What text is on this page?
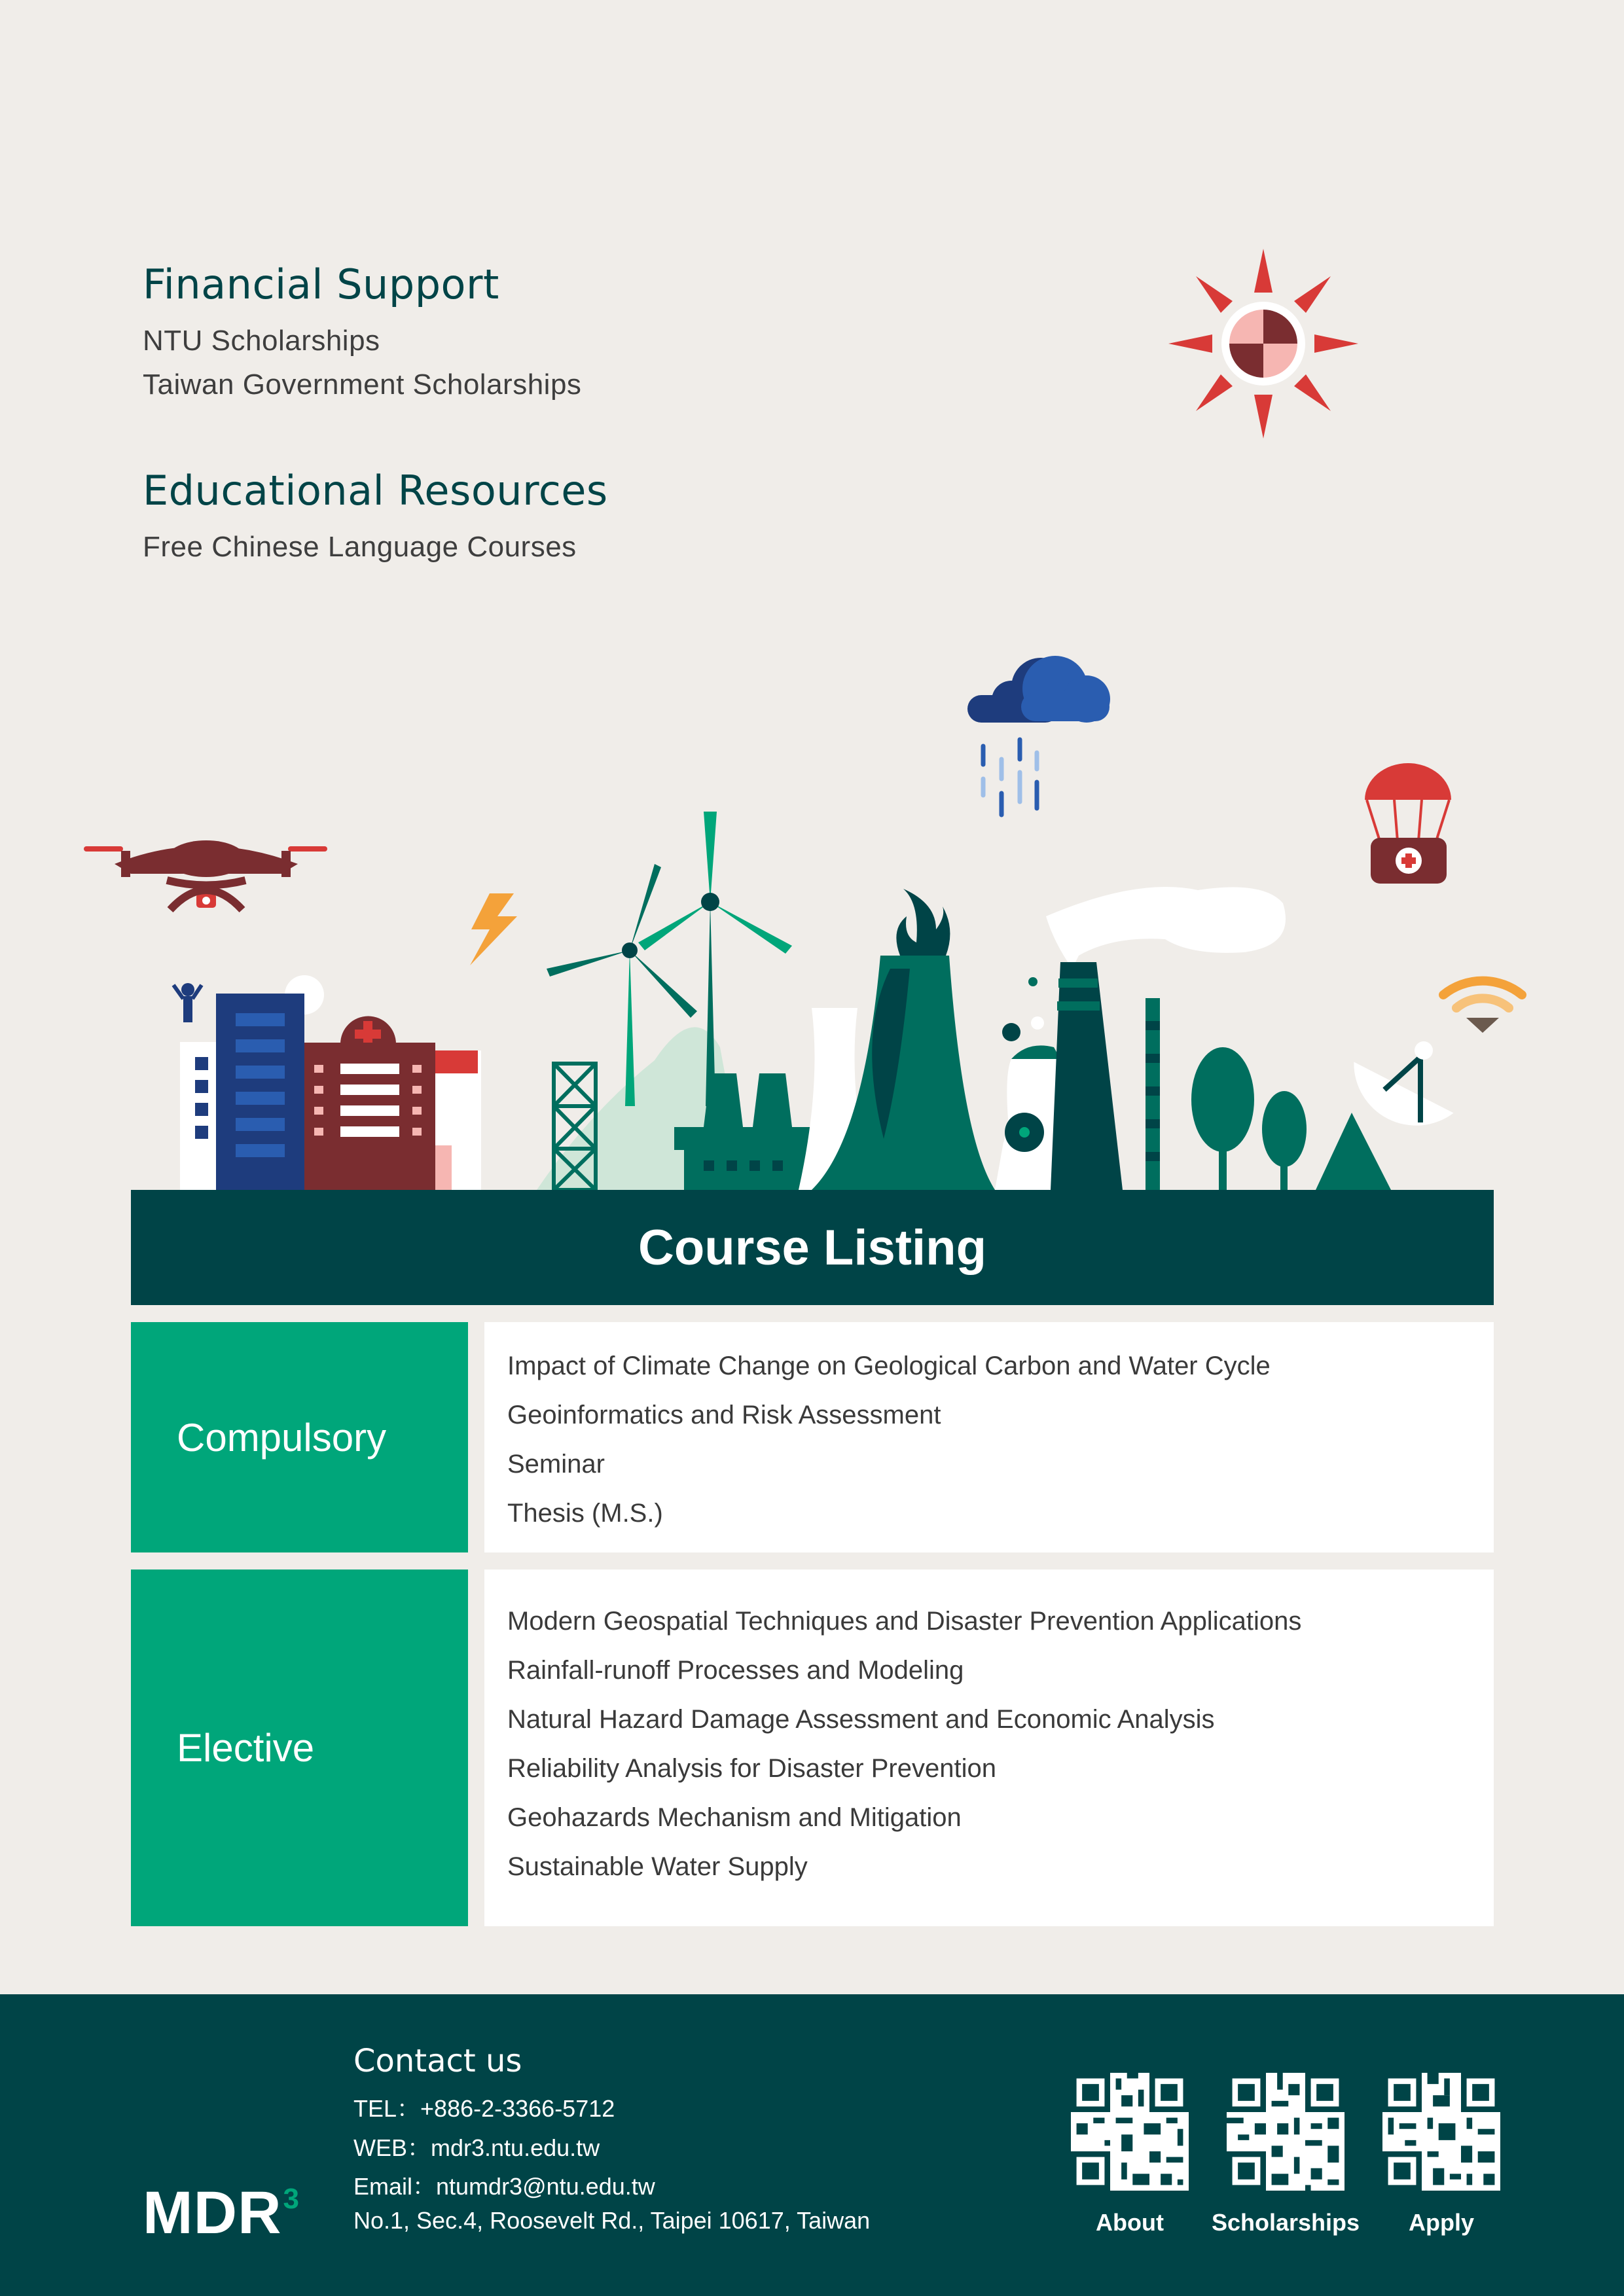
Financial Support
NTU Scholarships
Taiwan Government Scholarships
Educational Resources
Free Chinese Language Courses
Course Listing
Compulsory
Impact of Climate Change on Geological Carbon and Water Cycle
Geoinformatics and Risk Assessment
Seminar
Thesis (M.S.)
Elective
Modern Geospatial Techniques and Disaster Prevention Applications
Rainfall-runoff Processes and Modeling
Natural Hazard Damage Assessment and Economic Analysis
Reliability Analysis for Disaster Prevention
Geohazards Mechanism and Mitigation
Sustainable Water Supply
MDR$^3$
Contact us
TEL：+886-2-3366-5712
WEB：mdr3.ntu.edu.tw
Email：ntumdr3@ntu.edu.tw
No.1, Sec.4, Roosevelt Rd., Taipei 10617, Taiwan	About	Scholarships	Apply
